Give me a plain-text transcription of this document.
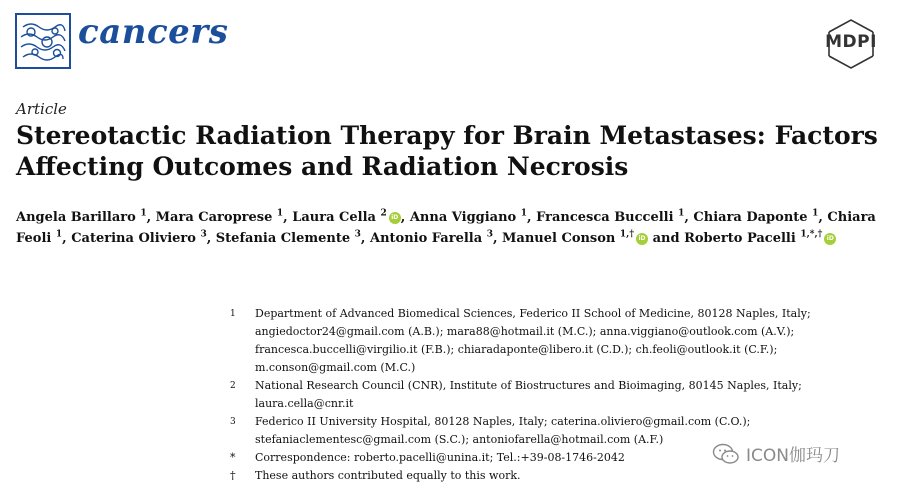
cancers	MDPI
Article
Stereotactic Radiation Therapy for Brain Metastases: Factors Affecting Outcomes and Radiation Necrosis
Angela Barillaro $^1$, Mara Caroprese $^1$, Laura Cella $^2$ iD , Anna Viggiano $^1$, Francesca Buccelli $^1$, Chiara Daponte $^1$, Chiara Feoli $^1$, Caterina Oliviero $^3$, Stefania Clemente $^3$, Antonio Farella $^3$, Manuel Conson $^{1,\dagger}$ iD and Roberto Pacelli $^{1,*,\dagger}$ iD
1 Department of Advanced Biomedical Sciences, Federico II School of Medicine, 80128 Naples, Italy;
angiedoctor24@gmail.com (A.B.); mara88@hotmail.it (M.C.); anna.viggiano@outlook.com (A.V.);
francesca.buccelli@virgilio.it (F.B.); chiaradaponte@libero.it (C.D.); ch.feoli@outlook.it (C.F.);
m.conson@gmail.com (M.C.)
2 National Research Council (CNR), Institute of Biostructures and Bioimaging, 80145 Naples, Italy;
laura.cella@cnr.it
3 Federico II University Hospital, 80128 Naples, Italy; caterina.oliviero@gmail.com (C.O.);
stefaniaclementesc@gmail.com (S.C.); antoniofarella@hotmail.com (A.F.)
* Correspondence: roberto.pacelli@unina.it; Tel.:+39-08-1746-2042
† These authors contributed equally to this work.
ICON伽玛刀
